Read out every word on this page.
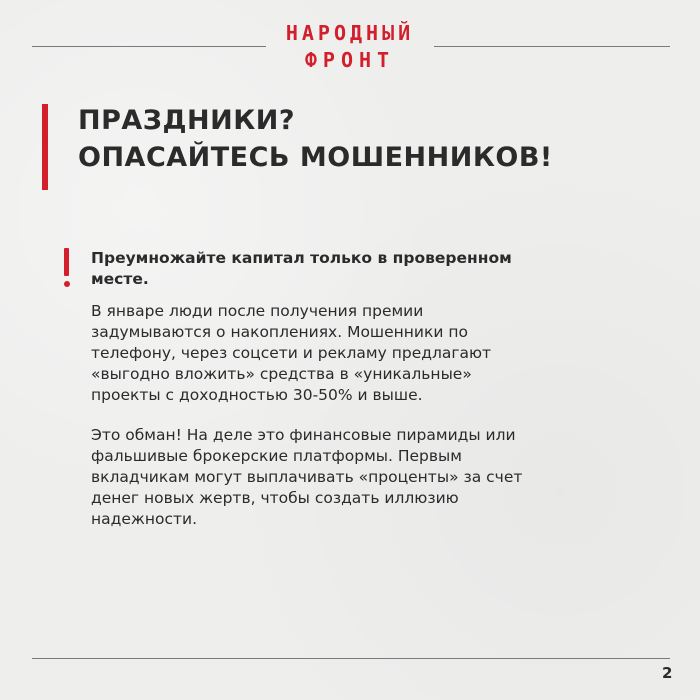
НАРОДНЫЙ
ФРОНТ
ПРАЗДНИКИ?
ОПАСАЙТЕСЬ МОШЕННИКОВ!
Преумножайте капитал только в проверенном
месте.
В январе люди после получения премии
задумываются о накоплениях. Мошенники по
телефону, через соцсети и рекламу предлагают
«выгодно вложить» средства в «уникальные»
проекты с доходностью 30-50% и выше.
Это обман! На деле это финансовые пирамиды или
фальшивые брокерские платформы. Первым
вкладчикам могут выплачивать «проценты» за счет
денег новых жертв, чтобы создать иллюзию
надежности.
2
